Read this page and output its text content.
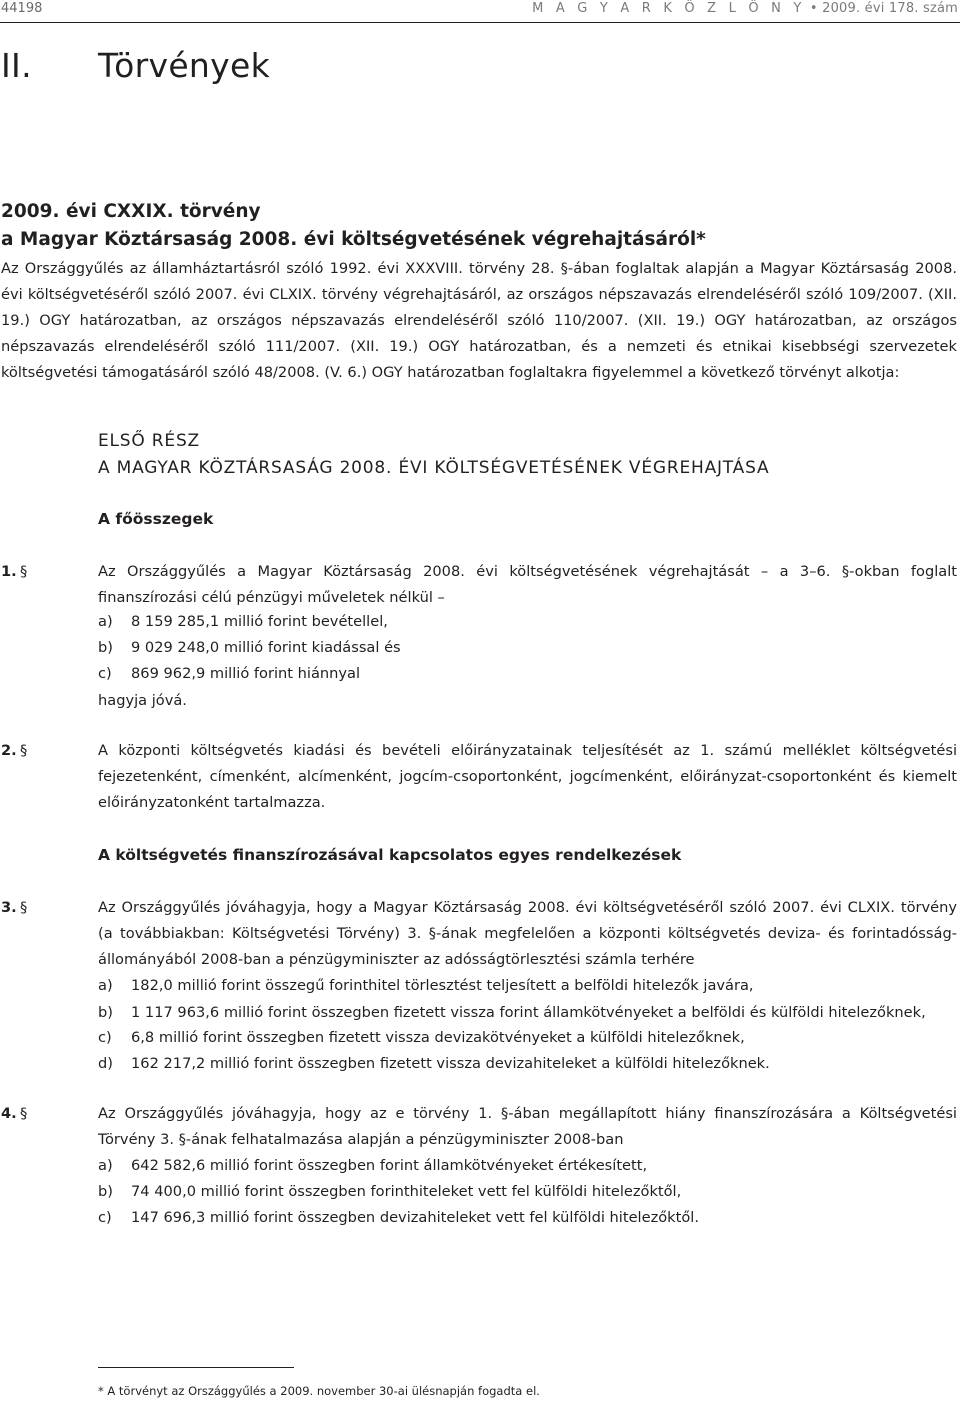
44198	M A G Y A R K Ö Z L Ö N Y • 2009. évi 178. szám
II. Törvények
2009. évi CXXIX. törvény
a Magyar Köztársaság 2008. évi költségvetésének végrehajtásáról*
Az Országgyűlés az államháztartásról szóló 1992. évi XXXVIII. törvény 28. §-ában foglaltak alapján a Magyar Köztársaság 2008. évi költségvetéséről szóló 2007. évi CLXIX. törvény végrehajtásáról, az országos népszavazás elrendeléséről szóló 109/2007. (XII. 19.) OGY határozatban, az országos népszavazás elrendeléséről szóló 110/2007. (XII. 19.) OGY határozatban, az országos népszavazás elrendeléséről szóló 111/2007. (XII. 19.) OGY határozatban, és a nemzeti és etnikai kisebbségi szervezetek költségvetési támogatásáról szóló 48/2008. (V. 6.) OGY határozatban foglaltakra figyelemmel a következő törvényt alkotja:
ELSŐ RÉSZ
A MAGYAR KÖZTÁRSASÁG 2008. ÉVI KÖLTSÉGVETÉSÉNEK VÉGREHAJTÁSA
A főösszegek
1. §	Az Országgyűlés a Magyar Köztársaság 2008. évi költségvetésének végrehajtását – a 3–6. §-okban foglalt finanszírozási célú pénzügyi műveletek nélkül –
a) 8 159 285,1 millió forint bevétellel,
b) 9 029 248,0 millió forint kiadással és
c) 869 962,9 millió forint hiánnyal
hagyja jóvá.
2. §	A központi költségvetés kiadási és bevételi előirányzatainak teljesítését az 1. számú melléklet költségvetési fejezetenként, címenként, alcímenként, jogcím-csoportonként, jogcímenként, előirányzat-csoportonként és kiemelt előirányzatonként tartalmazza.
A költségvetés finanszírozásával kapcsolatos egyes rendelkezések
3. §	Az Országgyűlés jóváhagyja, hogy a Magyar Köztársaság 2008. évi költségvetéséről szóló 2007. évi CLXIX. törvény (a továbbiakban: Költségvetési Törvény) 3. §-ának megfelelően a központi költségvetés deviza- és forintadósság-állományából 2008-ban a pénzügyminiszter az adósságtörlesztési számla terhére
a) 182,0 millió forint összegű forinthitel törlesztést teljesített a belföldi hitelezők javára,
b) 1 117 963,6 millió forint összegben fizetett vissza forint államkötvényeket a belföldi és külföldi hitelezőknek,
c) 6,8 millió forint összegben fizetett vissza devizakötvényeket a külföldi hitelezőknek,
d) 162 217,2 millió forint összegben fizetett vissza devizahiteleket a külföldi hitelezőknek.
4. §	Az Országgyűlés jóváhagyja, hogy az e törvény 1. §-ában megállapított hiány finanszírozására a Költségvetési Törvény 3. §-ának felhatalmazása alapján a pénzügyminiszter 2008-ban
a) 642 582,6 millió forint összegben forint államkötvényeket értékesített,
b) 74 400,0 millió forint összegben forinthiteleket vett fel külföldi hitelezőktől,
c) 147 696,3 millió forint összegben devizahiteleket vett fel külföldi hitelezőktől.
* A törvényt az Országgyűlés a 2009. november 30-ai ülésnapján fogadta el.
